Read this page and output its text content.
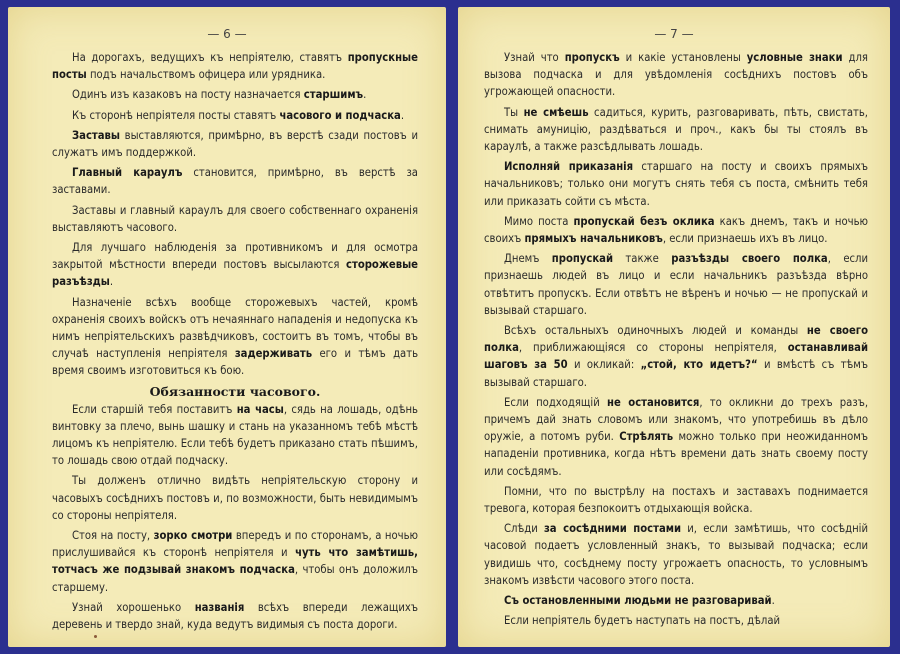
— 6 —

На дорогахъ, ведущихъ къ непріятелю, ставятъ пропускные посты подъ начальствомъ офицера или урядника.

Одинъ изъ казаковъ на посту назначается старшимъ.

Къ сторонѣ непріятеля посты ставятъ часового и подчаска.

Заставы выставляются, примѣрно, въ верстѣ сзади постовъ и служатъ имъ поддержкой.

Главный караулъ становится, примѣрно, въ верстѣ за заставами.

Заставы и главный караулъ для своего собственнаго охраненія выставляютъ часового.

Для лучшаго наблюденія за противникомъ и для осмотра закрытой мѣстности впереди постовъ высылаются сторожевые разъѣзды.

Назначеніе всѣхъ вообще сторожевыхъ частей, кромѣ охраненія своихъ войскъ отъ нечаяннаго нападенія и недопуска къ нимъ непріятельскихъ развѣдчиковъ, состоитъ въ томъ, чтобы въ случаѣ наступленія непріятеля задерживать его и тѣмъ дать время своимъ изготовиться къ бою.

Обязанности часового.

Если старшій тебя поставитъ на часы, сядь на лошадь, одѣнь винтовку за плечо, вынь шашку и стань на указанномъ тебѣ мѣстѣ лицомъ къ непріятелю. Если тебѣ будетъ приказано стать пѣшимъ, то лошадь свою отдай подчаску.

Ты долженъ отлично видѣть непріятельскую сторону и часовыхъ сосѣднихъ постовъ и, по возможности, быть невидимымъ со стороны непріятеля.

Стоя на посту, зорко смотри впередъ и по сторонамъ, а ночью прислушивайся къ сторонѣ непріятеля и чуть что замѣтишь, тотчасъ же подзывай знакомъ подчаска, чтобы онъ доложилъ старшему.

Узнай хорошенько названія всѣхъ впереди лежащихъ деревень и твердо знай, куда ведутъ видимыя съ поста дороги.

— 7 —

Узнай что пропускъ и какіе установлены условные знаки для вызова подчаска и для увѣдомленія сосѣднихъ постовъ объ угрожающей опасности.

Ты не смѣешь садиться, курить, разговаривать, пѣть, свистать, снимать амуницію, раздѣваться и проч., какъ бы ты стоялъ въ караулѣ, а также разсѣдлывать лошадь.

Исполняй приказанія старшаго на посту и своихъ прямыхъ начальниковъ; только они могутъ снять тебя съ поста, смѣнить тебя или приказать сойти съ мѣста.

Мимо поста пропускай безъ оклика какъ днемъ, такъ и ночью своихъ прямыхъ начальниковъ, если признаешь ихъ въ лицо.

Днемъ пропускай также разъѣзды своего полка, если признаешь людей въ лицо и если начальникъ разъѣзда вѣрно отвѣтитъ пропускъ. Если отвѣтъ не вѣренъ и ночью — не пропускай и вызывай старшаго.

Всѣхъ остальныхъ одиночныхъ людей и команды не своего полка, приближающіяся со стороны непріятеля, останавливай шаговъ за 50 и окликай: „стой, кто идетъ?“ и вмѣстѣ съ тѣмъ вызывай старшаго.

Если подходящій не остановится, то окликни до трехъ разъ, причемъ дай знать словомъ или знакомъ, что употребишь въ дѣло оружіе, а потомъ руби. Стрѣлять можно только при неожиданномъ нападеніи противника, когда нѣтъ времени дать знать своему посту или сосѣдямъ.

Помни, что по выстрѣлу на постахъ и заставахъ поднимается тревога, которая безпокоитъ отдыхающія войска.

Слѣди за сосѣдними постами и, если замѣтишь, что сосѣдній часовой подаетъ условленный знакъ, то вызывай подчаска; если увидишь что, сосѣднему посту угрожаетъ опасность, то условнымъ знакомъ извѣсти часового этого поста.

Съ остановленными людьми не разговаривай.

Если непріятель будетъ наступать на постъ, дѣлай
